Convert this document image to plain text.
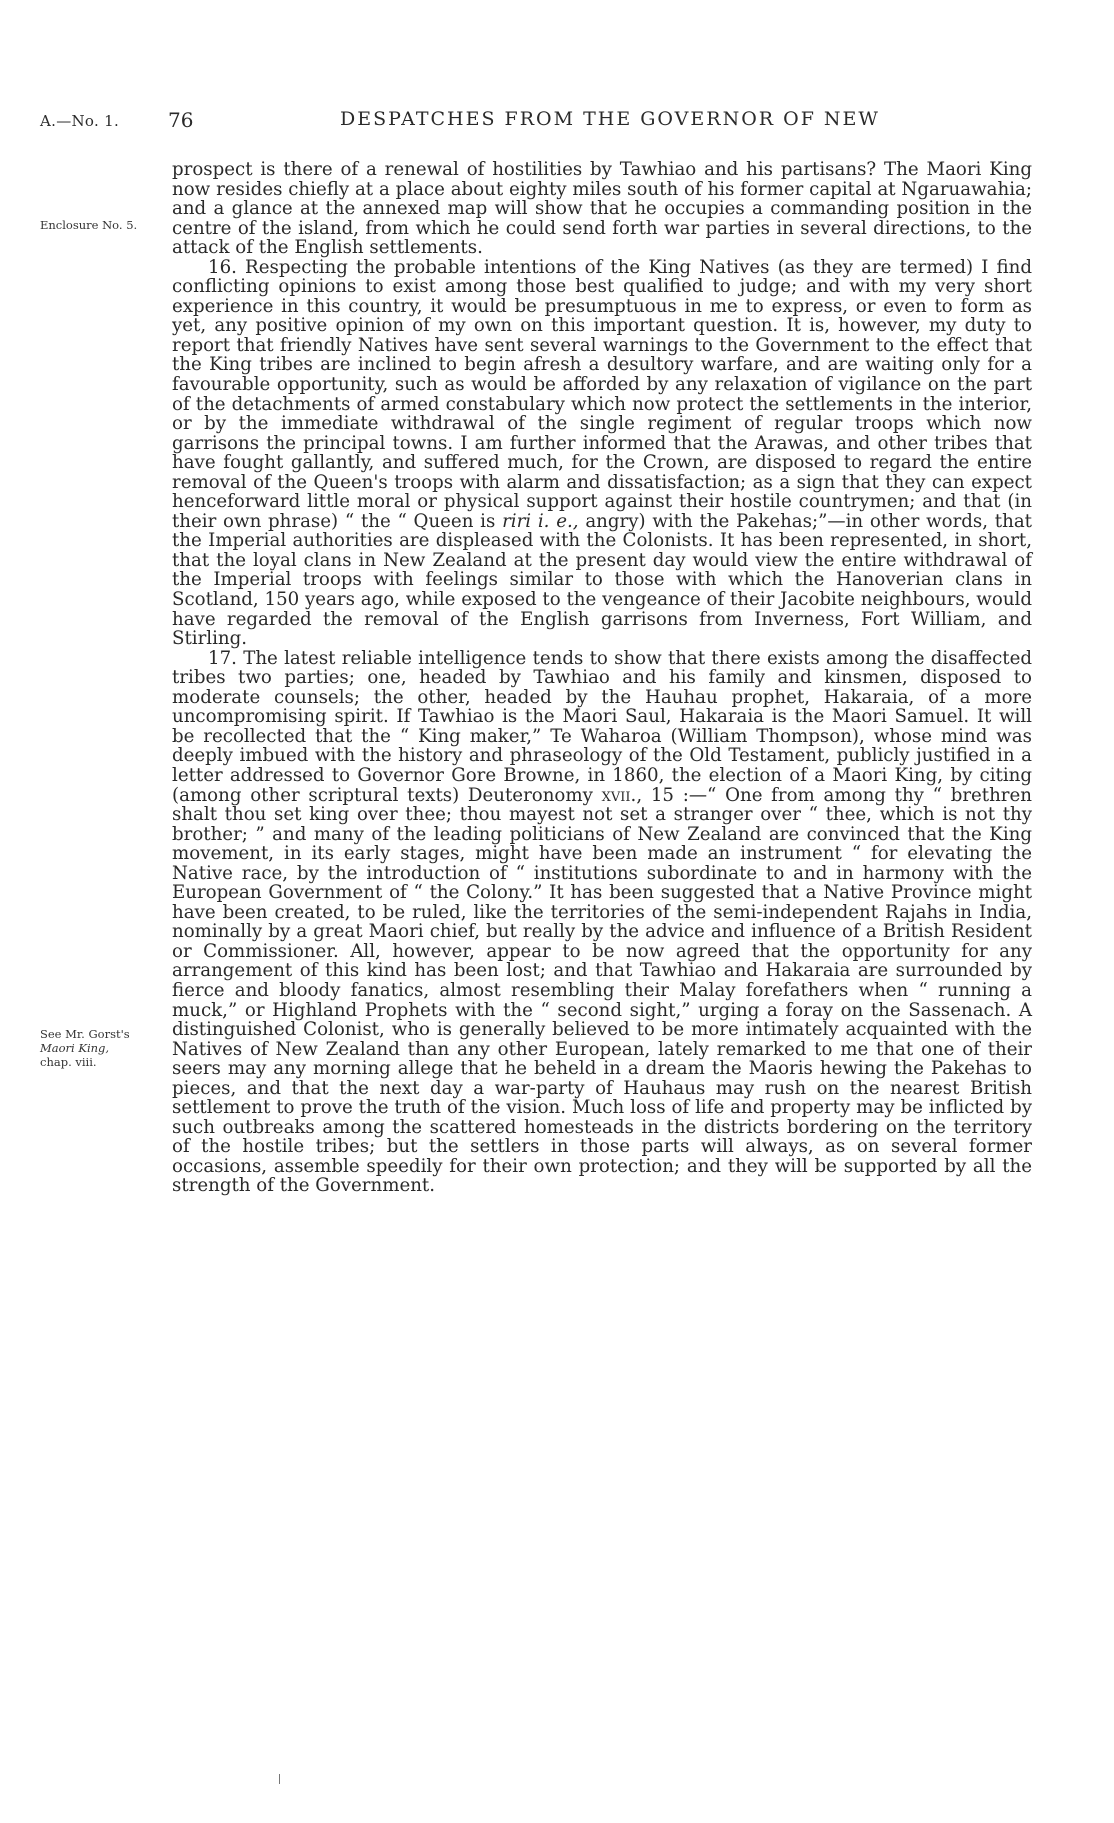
A.—No. 1. 76	DESPATCHES FROM THE GOVERNOR OF NEW
Enclosure No. 5.
See Mr. Gorst's
Maori King,
chap. viii.

prospect is there of a renewal of hostilities by Tawhiao and his partisans? The Maori King now resides chiefly at a place about eighty miles south of his former capital at Ngaruawahia; and a glance at the annexed map will show that he occupies a commanding position in the centre of the island, from which he could send forth war parties in several directions, to the attack of the English settlements.

16. Respecting the probable intentions of the King Natives (as they are termed) I find conflicting opinions to exist among those best qualified to judge; and with my very short experience in this country, it would be presumptuous in me to express, or even to form as yet, any positive opinion of my own on this important question. It is, however, my duty to report that friendly Natives have sent several warnings to the Government to the effect that the King tribes are inclined to begin afresh a desultory warfare, and are waiting only for a favourable opportunity, such as would be afforded by any relaxation of vigilance on the part of the detachments of armed constabulary which now protect the settlements in the interior, or by the immediate withdrawal of the single regiment of regular troops which now garrisons the principal towns. I am further informed that the Arawas, and other tribes that have fought gallantly, and suffered much, for the Crown, are disposed to regard the entire removal of the Queen's troops with alarm and dissatisfaction; as a sign that they can expect henceforward little moral or physical support against their hostile countrymen; and that (in their own phrase) “ the “ Queen is riri i. e., angry) with the Pakehas;”—in other words, that the Imperial authorities are displeased with the Colonists. It has been represented, in short, that the loyal clans in New Zealand at the present day would view the entire withdrawal of the Imperial troops with feelings similar to those with which the Hanoverian clans in Scotland, 150 years ago, while exposed to the vengeance of their Jacobite neighbours, would have regarded the removal of the English garrisons from Inverness, Fort William, and Stirling.

17. The latest reliable intelligence tends to show that there exists among the disaffected tribes two parties; one, headed by Tawhiao and his family and kinsmen, disposed to moderate counsels; the other, headed by the Hauhau prophet, Hakaraia, of a more uncompromising spirit. If Tawhiao is the Maori Saul, Hakaraia is the Maori Samuel. It will be recollected that the “ King maker,” Te Waharoa (William Thompson), whose mind was deeply imbued with the history and phraseology of the Old Testament, publicly justified in a letter addressed to Governor Gore Browne, in 1860, the election of a Maori King, by citing (among other scriptural texts) Deuteronomy xvii., 15 :—“ One from among thy “ brethren shalt thou set king over thee; thou mayest not set a stranger over “ thee, which is not thy brother; ” and many of the leading politicians of New Zealand are convinced that the King movement, in its early stages, might have been made an instrument “ for elevating the Native race, by the introduction of “ institutions subordinate to and in harmony with the European Government of “ the Colony.” It has been suggested that a Native Province might have been created, to be ruled, like the territories of the semi-independent Rajahs in India, nominally by a great Maori chief, but really by the advice and influence of a British Resident or Commissioner. All, however, appear to be now agreed that the opportunity for any arrangement of this kind has been lost; and that Tawhiao and Hakaraia are surrounded by fierce and bloody fanatics, almost resembling their Malay forefathers when “ running a muck,” or Highland Prophets with the “ second sight,” urging a foray on the Sassenach. A distinguished Colonist, who is generally believed to be more intimately acquainted with the Natives of New Zealand than any other European, lately remarked to me that one of their seers may any morning allege that he beheld in a dream the Maoris hewing the Pakehas to pieces, and that the next day a war-party of Hauhaus may rush on the nearest British settlement to prove the truth of the vision. Much loss of life and property may be inflicted by such outbreaks among the scattered homesteads in the districts bordering on the territory of the hostile tribes; but the settlers in those parts will always, as on several former occasions, assemble speedily for their own protection; and they will be supported by all the strength of the Government.
